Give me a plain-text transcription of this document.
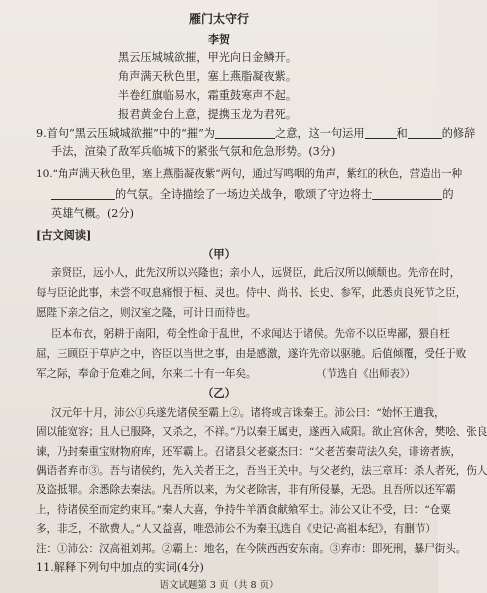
雁门太守行
李贺
黑云压城城欲摧，甲光向日金鳞开。
角声满天秋色里，塞上燕脂凝夜紫。
半卷红旗临易水，霜重鼓寒声不起。
报君黄金台上意，提携玉龙为君死。
9.首句“黑云压城城欲摧”中的“摧”为	之意，这一句运用	和	的修辞
手法，渲染了敌军兵临城下的紧张气氛和危急形势。(3分)
10.“角声满天秋色里，塞上燕脂凝夜紫”两句，通过写鸣咽的角声，紫红的秋色，营造出一种
的气氛。全诗描绘了一场边关战争，歌颂了守边将士	的
英雄气概。(2分)
[古文阅读]
（甲）
亲贤臣，远小人，此先汉所以兴隆也；亲小人，远贤臣，此后汉所以倾颓也。先帝在时，
每与臣论此事，未尝不叹息痛恨于桓、灵也。侍中、尚书、长史、参军，此悉贞良死节之臣，
愿陛下亲之信之，则汉室之隆，可计日而待也。
臣本布衣，躬耕于南阳，苟全性命于乱世，不求闻达于诸侯。先帝不以臣卑鄙，猥自枉
屈，三顾臣于草庐之中，咨臣以当世之事，由是感激，遂许先帝以驱驰。后值倾覆，受任于败
军之际，奉命于危难之间，尔来二十有一年矣。	（节选自《出师表》）
（乙）
汉元年十月，沛公①兵遂先诸侯至霸上②。诸将或言诛秦王。沛公曰：“始怀王遣我，
固以能宽容；且人已服降，又杀之，不祥。”乃以秦王属吏，遂西入咸阳。欲止宫休舍，樊哙、张良
谏，乃封秦重宝财物府库，还军霸上。召诸县父老豪杰曰：“父老苦秦苛法久矣，诽谤者族，
偶语者弃市③。吾与诸侯约，先入关者王之，吾当王关中。与父老约，法三章耳：杀人者死，伤人
及盗抵罪。余悉除去秦法。凡吾所以来，为父老除害，非有所侵暴，无恐。且吾所以还军霸
上，待诸侯至而定约束耳。”秦人大喜，争持牛羊酒食献飨军士。沛公又让不受，曰：“仓粟
多，非乏，不欲费人。”人又益喜，唯恐沛公不为秦王。
（选自《史记·高祖本纪》，有删节）
注：①沛公：汉高祖刘邦。②霸上：地名，在今陕西西安东南。③弃市：即死刑，暴尸街头。
11.解释下列句中加点的实词(4分)
语文试题第 3 页（共 8 页）
